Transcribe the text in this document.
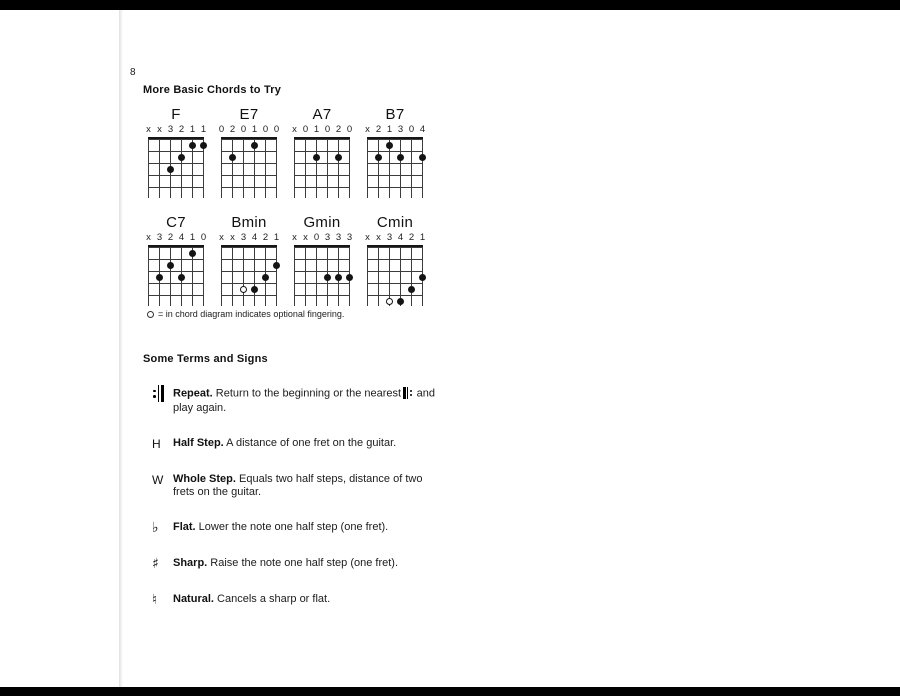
8
More Basic Chords to Try
F
x x 3 2 1 1
E7
0 2 0 1 0 0
A7
x 0 1 0 2 0
B7
x 2 1 3 0 4
C7
x 3 2 4 1 0
Bmin
x x 3 4 2 1
Gmin
x x 0 3 3 3
Cmin
x x 3 4 2 1
= in chord diagram indicates optional fingering.
Some Terms and Signs
Repeat. Return to the beginning or the nearest
and play again.
H	Half Step. A distance of one fret on the guitar.
W Whole Step. Equals two half steps, distance of two frets on the guitar.
♭	Flat. Lower the note one half step (one fret).
♯	Sharp. Raise the note one half step (one fret).
♮	Natural. Cancels a sharp or flat.
